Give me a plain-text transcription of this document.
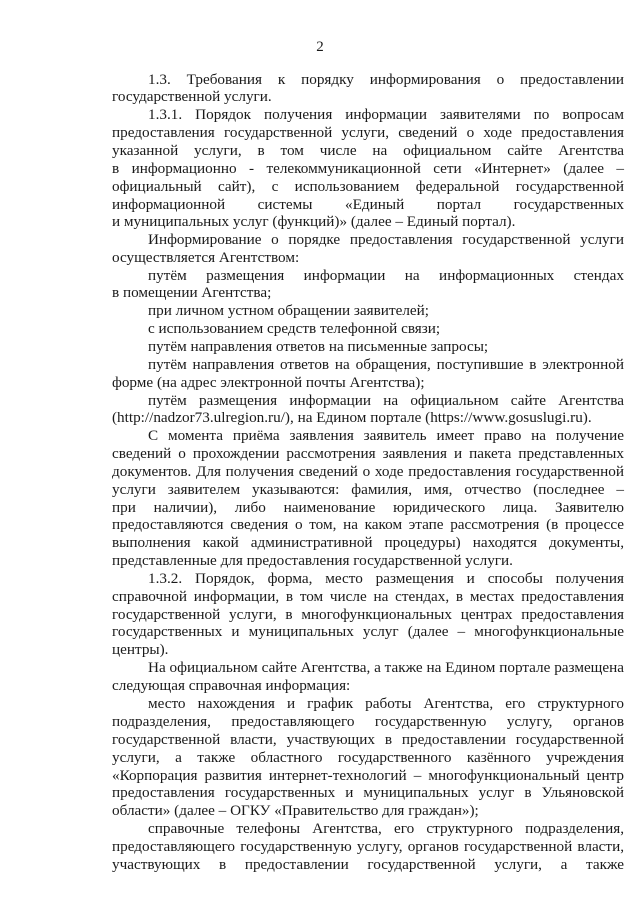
2
1.3. Требования к порядку информирования о предоставлении
государственной услуги.
1.3.1. Порядок получения информации заявителями по вопросам
предоставления государственной услуги, сведений о ходе предоставления
указанной услуги, в том числе на официальном сайте Агентства
в информационно - телекоммуникационной сети «Интернет» (далее –
официальный сайт), с использованием федеральной государственной
информационной системы «Единый портал государственных
и муниципальных услуг (функций)» (далее – Единый портал).
Информирование о порядке предоставления государственной услуги
осуществляется Агентством:
путём размещения информации на информационных стендах
в помещении Агентства;
при личном устном обращении заявителей;
с использованием средств телефонной связи;
путём направления ответов на письменные запросы;
путём направления ответов на обращения, поступившие в электронной
форме (на адрес электронной почты Агентства);
путём размещения информации на официальном сайте Агентства
(http://nadzor73.ulregion.ru/), на Едином портале (https://www.gosuslugi.ru).
С момента приёма заявления заявитель имеет право на получение
сведений о прохождении рассмотрения заявления и пакета представленных
документов. Для получения сведений о ходе предоставления государственной
услуги заявителем указываются: фамилия, имя, отчество (последнее –
при наличии), либо наименование юридического лица. Заявителю
предоставляются сведения о том, на каком этапе рассмотрения (в процессе
выполнения какой административной процедуры) находятся документы,
представленные для предоставления государственной услуги.
1.3.2. Порядок, форма, место размещения и способы получения
справочной информации, в том числе на стендах, в местах предоставления
государственной услуги, в многофункциональных центрах предоставления
государственных и муниципальных услуг (далее – многофункциональные
центры).
На официальном сайте Агентства, а также на Едином портале размещена
следующая справочная информация:
место нахождения и график работы Агентства, его структурного
подразделения, предоставляющего государственную услугу, органов
государственной власти, участвующих в предоставлении государственной
услуги, а также областного государственного казённого учреждения
«Корпорация развития интернет-технологий – многофункциональный центр
предоставления государственных и муниципальных услуг в Ульяновской
области» (далее – ОГКУ «Правительство для граждан»);
справочные телефоны Агентства, его структурного подразделения,
предоставляющего государственную услугу, органов государственной власти,
участвующих в предоставлении государственной услуги, а также
